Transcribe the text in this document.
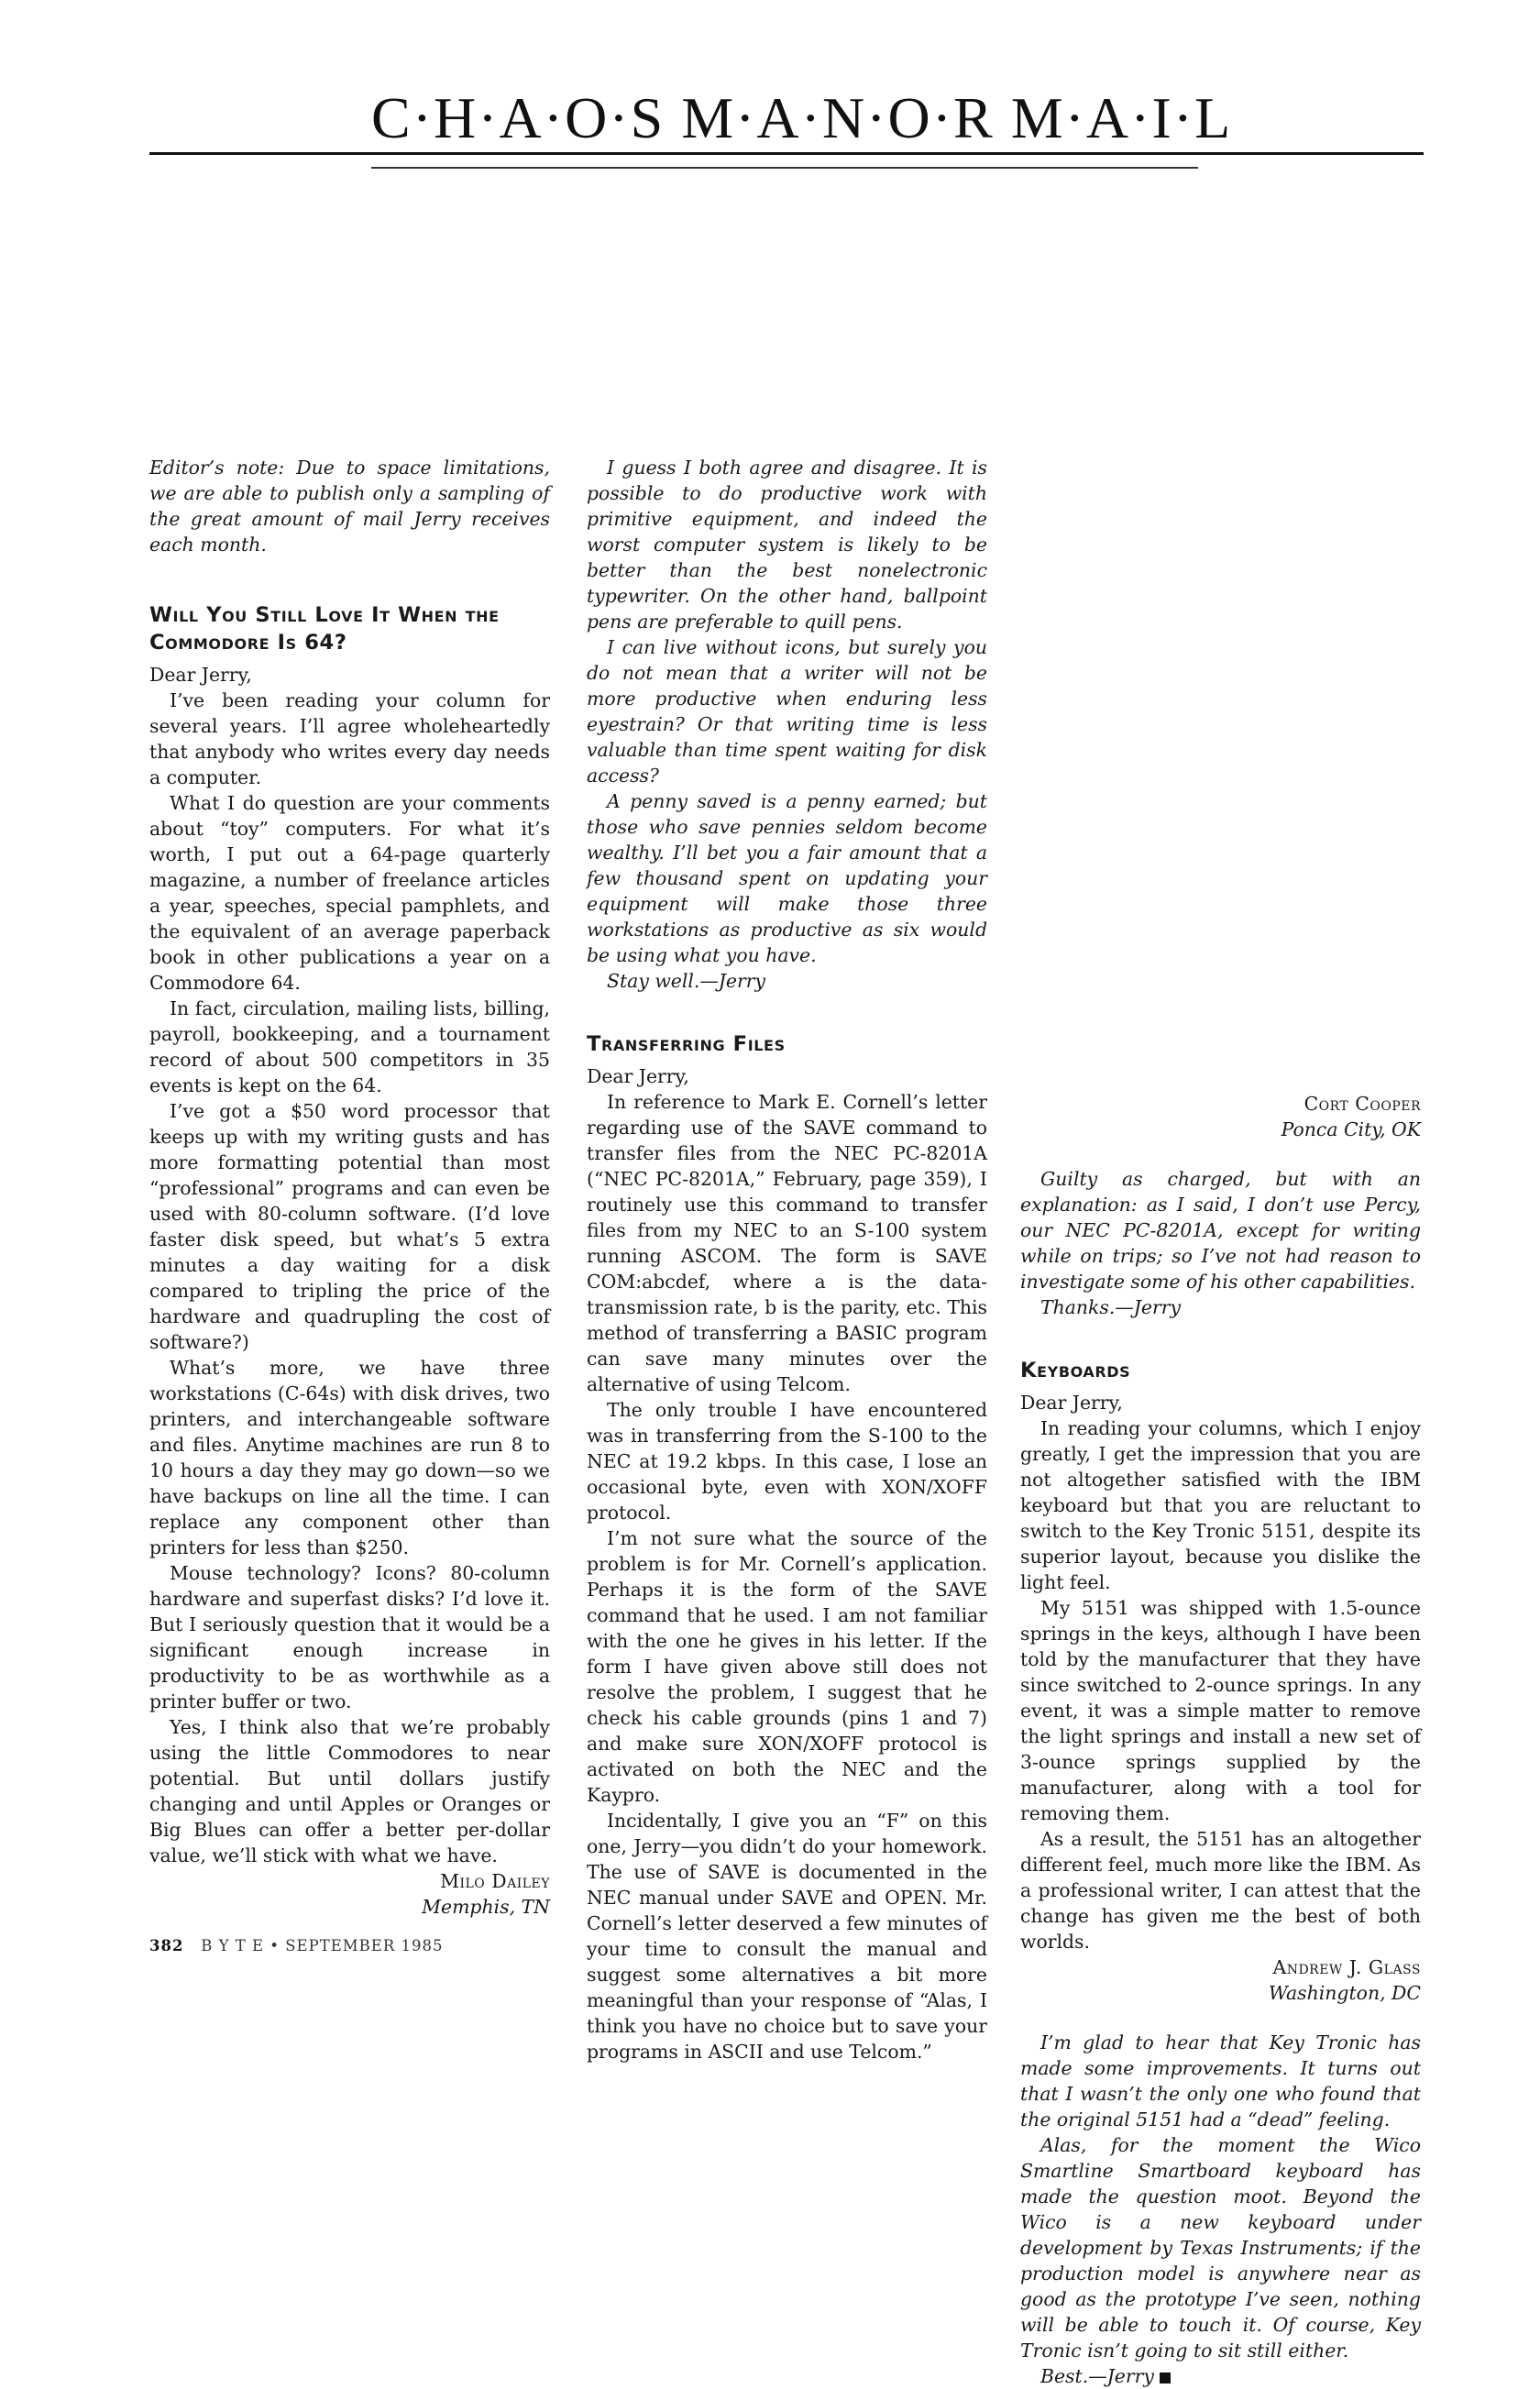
C·H·A·O·S M·A·N·O·R M·A·I·L

Editor’s note: Due to space limitations, we are able to publish only a sampling of the great amount of mail Jerry receives each month.

Will You Still Love It When the Commodore Is 64?

Dear Jerry,

I’ve been reading your column for several years. I’ll agree wholeheartedly that anybody who writes every day needs a computer.

What I do question are your comments about “toy” computers. For what it’s worth, I put out a 64-page quarterly magazine, a number of freelance articles a year, speeches, special pamphlets, and the equivalent of an average paperback book in other publications a year on a Commodore 64.

In fact, circulation, mailing lists, billing, payroll, bookkeeping, and a tournament record of about 500 competitors in 35 events is kept on the 64.

I’ve got a $50 word processor that keeps up with my writing gusts and has more formatting potential than most “professional” programs and can even be used with 80-column software. (I’d love faster disk speed, but what’s 5 extra minutes a day waiting for a disk compared to tripling the price of the hardware and quadrupling the cost of software?)

What’s more, we have three workstations (C-64s) with disk drives, two printers, and interchangeable software and files. Anytime machines are run 8 to 10 hours a day they may go down—so we have backups on line all the time. I can replace any component other than printers for less than $250.

Mouse technology? Icons? 80-column hardware and superfast disks? I’d love it. But I seriously question that it would be a significant enough increase in productivity to be as worthwhile as a printer buffer or two.

Yes, I think also that we’re probably using the little Commodores to near potential. But until dollars justify changing and until Apples or Oranges or Big Blues can offer a better per-dollar value, we’ll stick with what we have.

Milo Dailey
Memphis, TN

I guess I both agree and disagree. It is possible to do productive work with primitive equipment, and indeed the worst computer system is likely to be better than the best nonelectronic typewriter. On the other hand, ballpoint pens are preferable to quill pens.

I can live without icons, but surely you do not mean that a writer will not be more productive when enduring less eyestrain? Or that writing time is less valuable than time spent waiting for disk access?

A penny saved is a penny earned; but those who save pennies seldom become wealthy. I’ll bet you a fair amount that a few thousand spent on updating your equipment will make those three workstations as productive as six would be using what you have.

Stay well.—Jerry

Transferring Files

Dear Jerry,

In reference to Mark E. Cornell’s letter regarding use of the SAVE command to transfer files from the NEC PC-8201A (“NEC PC-8201A,” February, page 359), I routinely use this command to transfer files from my NEC to an S-100 system running ASCOM. The form is SAVE COM:abcdef, where a is the data-transmission rate, b is the parity, etc. This method of transferring a BASIC program can save many minutes over the alternative of using Telcom.

The only trouble I have encountered was in transferring from the S-100 to the NEC at 19.2 kbps. In this case, I lose an occasional byte, even with XON/XOFF protocol.

I’m not sure what the source of the problem is for Mr. Cornell’s application. Perhaps it is the form of the SAVE command that he used. I am not familiar with the one he gives in his letter. If the form I have given above still does not resolve the problem, I suggest that he check his cable grounds (pins 1 and 7) and make sure XON/XOFF protocol is activated on both the NEC and the Kaypro.

Incidentally, I give you an “F” on this one, Jerry—you didn’t do your homework. The use of SAVE is documented in the NEC manual under SAVE and OPEN. Mr. Cornell’s letter deserved a few minutes of your time to consult the manual and suggest some alternatives a bit more meaningful than your response of “Alas, I think you have no choice but to save your programs in ASCII and use Telcom.”

Cort Cooper
Ponca City, OK

Guilty as charged, but with an explanation: as I said, I don’t use Percy, our NEC PC-8201A, except for writing while on trips; so I’ve not had reason to investigate some of his other capabilities.

Thanks.—Jerry

Keyboards

Dear Jerry,

In reading your columns, which I enjoy greatly, I get the impression that you are not altogether satisfied with the IBM keyboard but that you are reluctant to switch to the Key Tronic 5151, despite its superior layout, because you dislike the light feel.

My 5151 was shipped with 1.5-ounce springs in the keys, although I have been told by the manufacturer that they have since switched to 2-ounce springs. In any event, it was a simple matter to remove the light springs and install a new set of 3-ounce springs supplied by the manufacturer, along with a tool for removing them.

As a result, the 5151 has an altogether different feel, much more like the IBM. As a professional writer, I can attest that the change has given me the best of both worlds.

Andrew J. Glass
Washington, DC

I’m glad to hear that Key Tronic has made some improvements. It turns out that I wasn’t the only one who found that the original 5151 had a “dead” feeling.

Alas, for the moment the Wico Smartline Smartboard keyboard has made the question moot. Beyond the Wico is a new keyboard under development by Texas Instruments; if the production model is anywhere near as good as the prototype I’ve seen, nothing will be able to touch it. Of course, Key Tronic isn’t going to sit still either.

Best.—Jerry

382 B Y T E • SEPTEMBER 1985
